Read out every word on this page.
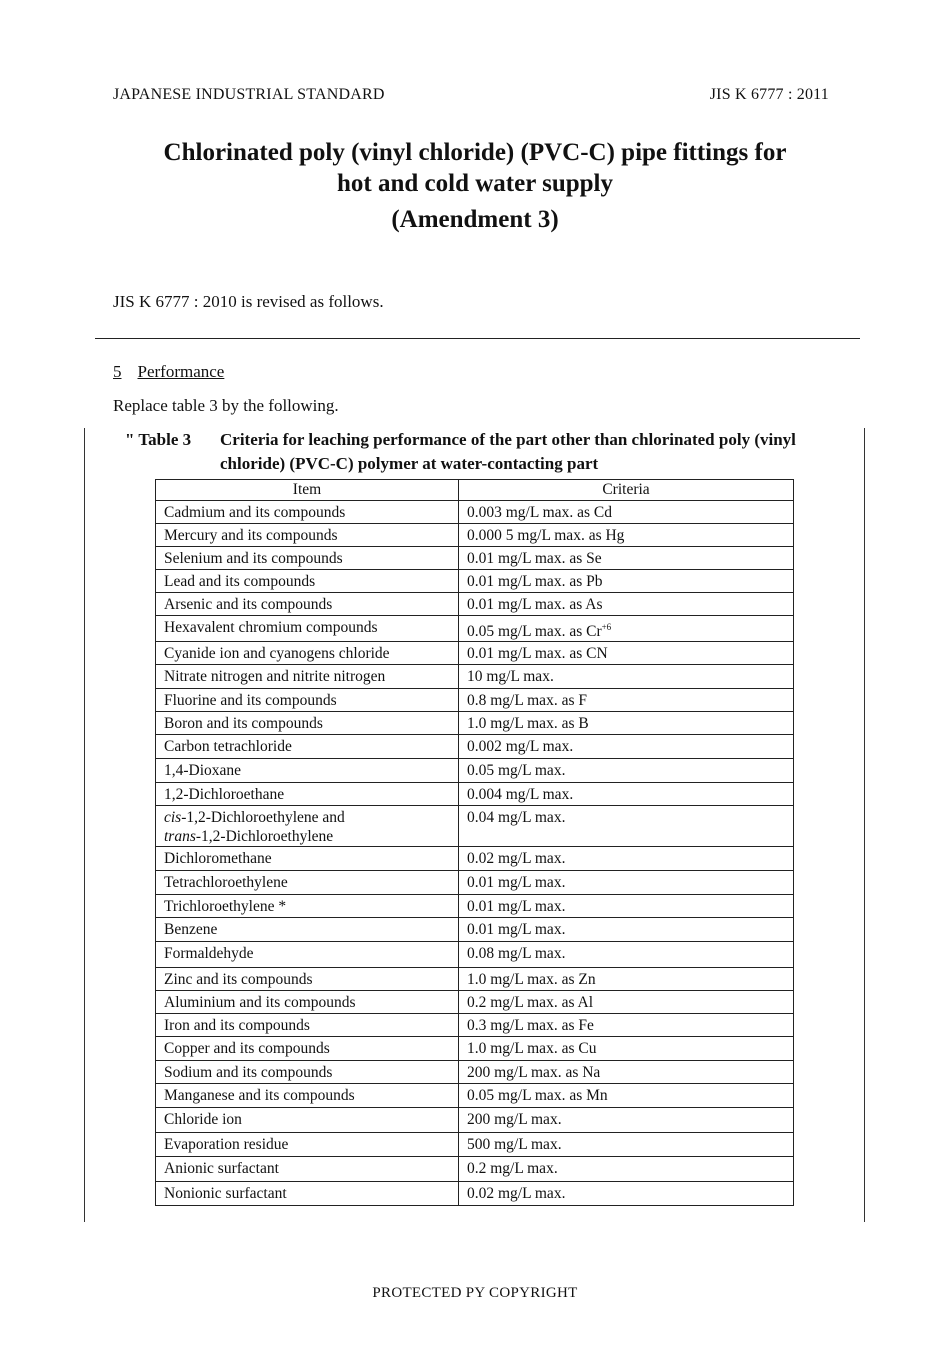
JAPANESE INDUSTRIAL STANDARD	JIS K 6777 : 2011
Chlorinated poly (vinyl chloride) (PVC-C) pipe fittings for
hot and cold water supply
(Amendment 3)
JIS K 6777 : 2010 is revised as follows.
5 Performance
Replace table 3 by the following.
" Table 3 Criteria for leaching performance of the part other than chlorinated poly (vinyl chloride) (PVC-C) polymer at water-contacting part
Item	Criteria
Cadmium and its compounds	0.003 mg/L max. as Cd
Mercury and its compounds	0.000 5 mg/L max. as Hg
Selenium and its compounds	0.01 mg/L max. as Se
Lead and its compounds	0.01 mg/L max. as Pb
Arsenic and its compounds	0.01 mg/L max. as As
Hexavalent chromium compounds	0.05 mg/L max. as $Cr^{+6}$
Cyanide ion and cyanogens chloride	0.01 mg/L max. as CN
Nitrate nitrogen and nitrite nitrogen	10 mg/L max.
Fluorine and its compounds	0.8 mg/L max. as F
Boron and its compounds	1.0 mg/L max. as B
Carbon tetrachloride	0.002 mg/L max.
1,4-Dioxane	0.05 mg/L max.
1,2-Dichloroethane	0.004 mg/L max.
cis-1,2-Dichloroethylene and
trans-1,2-Dichloroethylene	0.04 mg/L max.
Dichloromethane	0.02 mg/L max.
Tetrachloroethylene	0.01 mg/L max.
Trichloroethylene *	0.01 mg/L max.
Benzene	0.01 mg/L max.
Formaldehyde	0.08 mg/L max.
Zinc and its compounds	1.0 mg/L max. as Zn
Aluminium and its compounds	0.2 mg/L max. as Al
Iron and its compounds	0.3 mg/L max. as Fe
Copper and its compounds	1.0 mg/L max. as Cu
Sodium and its compounds	200 mg/L max. as Na
Manganese and its compounds	0.05 mg/L max. as Mn
Chloride ion	200 mg/L max.
Evaporation residue	500 mg/L max.
Anionic surfactant	0.2 mg/L max.
Nonionic surfactant	0.02 mg/L max.
PROTECTED PY COPYRIGHT
